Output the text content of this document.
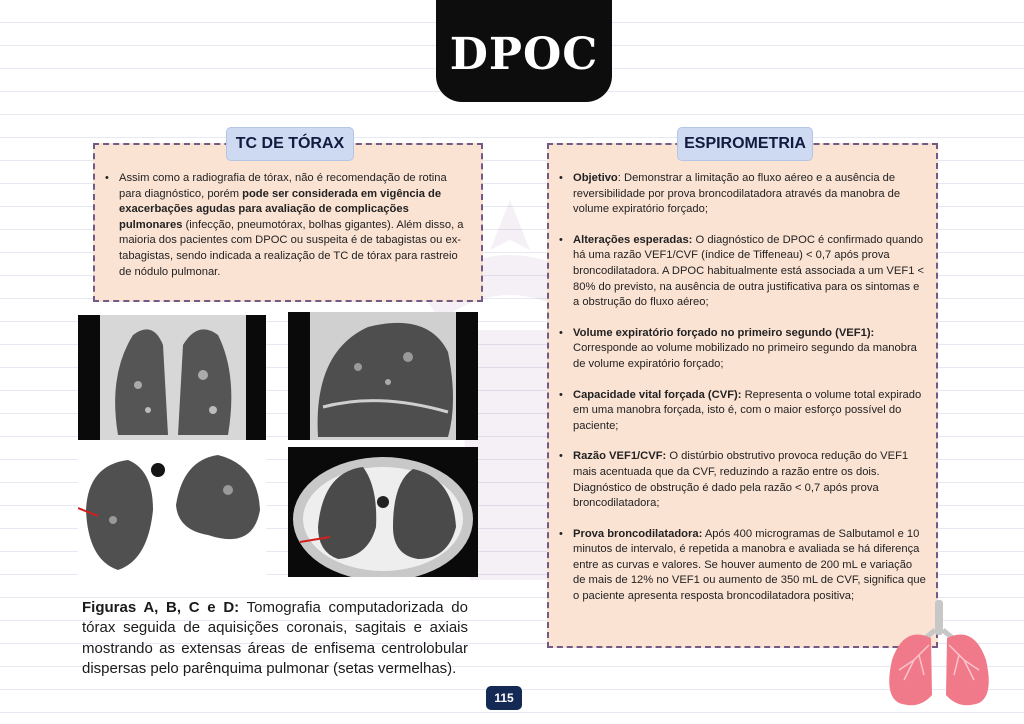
DPOC
• Assim como a radiografia de tórax, não é recomendação de rotina para diagnóstico, porém pode ser considerada em vigência de exacerbações agudas para avaliação de complicações pulmonares (infecção, pneumotórax, bolhas gigantes). Além disso, a maioria dos pacientes com DPOC ou suspeita é de tabagistas ou ex-tabagistas, sendo indicada a realização de TC de tórax para rastreio de nódulo pulmonar.
TC DE TÓRAX
• Objetivo: Demonstrar a limitação ao fluxo aéreo e a ausência de reversibilidade por prova broncodilatadora através da manobra de volume expiratório forçado;
• Alterações esperadas: O diagnóstico de DPOC é confirmado quando há uma razão VEF1/CVF (índice de Tiffeneau) < 0,7 após prova broncodilatadora. A DPOC habitualmente está associada a um VEF1 < 80% do previsto, na ausência de outra justificativa para os sintomas e a obstrução do fluxo aéreo;
• Volume expiratório forçado no primeiro segundo (VEF1): Corresponde ao volume mobilizado no primeiro segundo da manobra de volume expiratório forçado;
• Capacidade vital forçada (CVF): Representa o volume total expirado em uma manobra forçada, isto é, com o maior esforço possível do paciente;
• Razão VEF1/CVF: O distúrbio obstrutivo provoca redução do VEF1 mais acentuada que da CVF, reduzindo a razão entre os dois. Diagnóstico de obstrução é dado pela razão < 0,7 após prova broncodilatadora;
• Prova broncodilatadora: Após 400 microgramas de Salbutamol e 10 minutos de intervalo, é repetida a manobra e avaliada se há diferença entre as curvas e valores. Se houver aumento de 200 mL e variação de mais de 12% no VEF1 ou aumento de 350 mL de CVF, significa que o paciente apresenta resposta broncodilatadora positiva;
ESPIROMETRIA
Figuras A, B, C e D: Tomografia computadorizada do tórax seguida de aquisições coronais, sagitais e axiais mostrando as extensas áreas de enfisema centrolobular dispersas pelo parênquima pulmonar (setas vermelhas).
115
